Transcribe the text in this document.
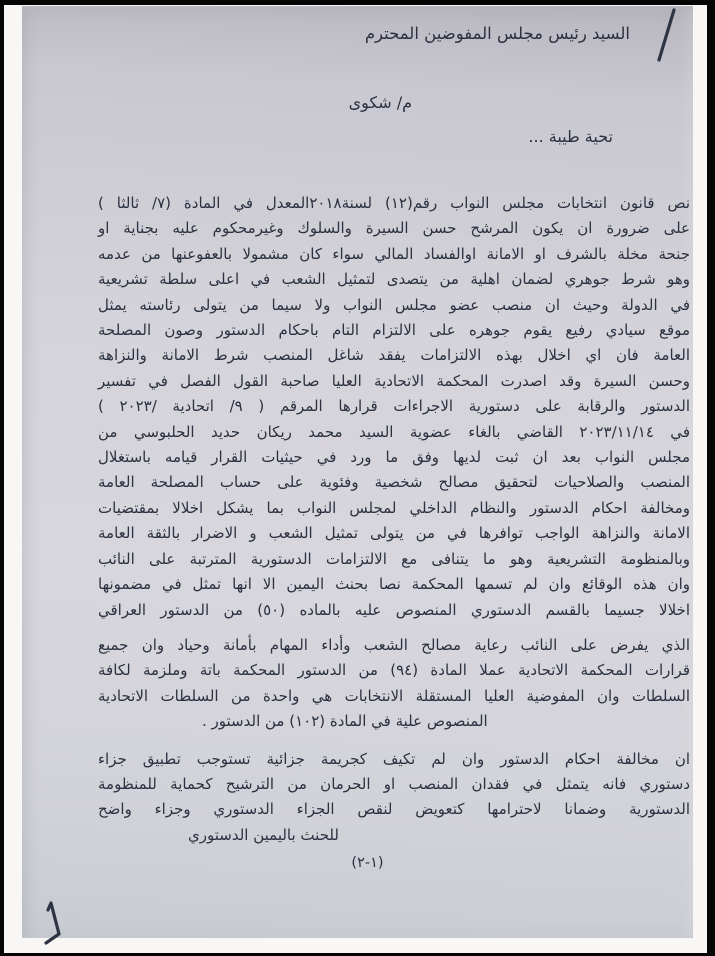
السيد رئيس مجلس المفوضين المحترم
م/ شكوى
تحية طيبة ...
نص قانون انتخابات مجلس النواب رقم(١٢) لسنة٢٠١٨المعدل في المادة (٧/ ثالثا )
على ضرورة ان يكون المرشح حسن السيرة والسلوك وغيرمحكوم عليه بجناية او
جنحة مخلة بالشرف او الامانة اوالفساد المالي سواء كان مشمولا بالعفوعنها من عدمه
وهو شرط جوهري لضمان اهلية من يتصدى لتمثيل الشعب في اعلى سلطة تشريعية
في الدولة وحيث ان منصب عضو مجلس النواب ولا سيما من يتولى رئاسته يمثل
موقع سيادي رفيع يقوم جوهره على الالتزام التام باحكام الدستور وصون المصلحة
العامة فان اي اخلال بهذه الالتزامات يفقد شاغل المنصب شرط الامانة والنزاهة
وحسن السيرة وقد اصدرت المحكمة الاتحادية العليا صاحبة القول الفصل في تفسير
الدستور والرقابة على دستورية الاجراءات قرارها المرقم ( ٩/ اتحادية /٢٠٢٣ )
في ٢٠٢٣/١١/١٤ القاضي بالغاء عضوية السيد محمد ريكان حديد الحلبوسي من
مجلس النواب بعد ان ثبت لديها وفق ما ورد في حيثيات القرار قيامه باستغلال
المنصب والصلاحيات لتحقيق مصالح شخصية وفئوية على حساب المصلحة العامة
ومخالفة احكام الدستور والنظام الداخلي لمجلس النواب بما يشكل اخلالا بمقتضيات
الامانة والنزاهة الواجب توافرها في من يتولى تمثيل الشعب و الاضرار بالثقة العامة
وبالمنظومة التشريعية وهو ما يتنافى مع الالتزامات الدستورية المترتبة على النائب
وان هذه الوقائع وان لم تسمها المحكمة نصا بحنث اليمين الا انها تمثل في مضمونها
اخلالا جسيما بالقسم الدستوري المنصوص عليه بالماده (٥٠) من الدستور العراقي
الذي يفرض على النائب رعاية مصالح الشعب وأداء المهام بأمانة وحياد وان جميع
قرارات المحكمة الاتحادية عملا المادة (٩٤) من الدستور المحكمة باتة وملزمة لكافة
السلطات وان المفوضية العليا المستقلة الانتخابات هي واحدة من السلطات الاتحادية
المنصوص علية في المادة (١٠٢) من الدستور .
ان مخالفة احكام الدستور وان لم تكيف كجريمة جزائية تستوجب تطبيق جزاء
دستوري فانه يتمثل في فقدان المنصب او الحرمان من الترشيح كحماية للمنظومة
الدستورية وضمانا لاحترامها كتعويض لنقص الجزاء الدستوري وجزاء واضح
للحنث باليمين الدستوري
(١-٢)
